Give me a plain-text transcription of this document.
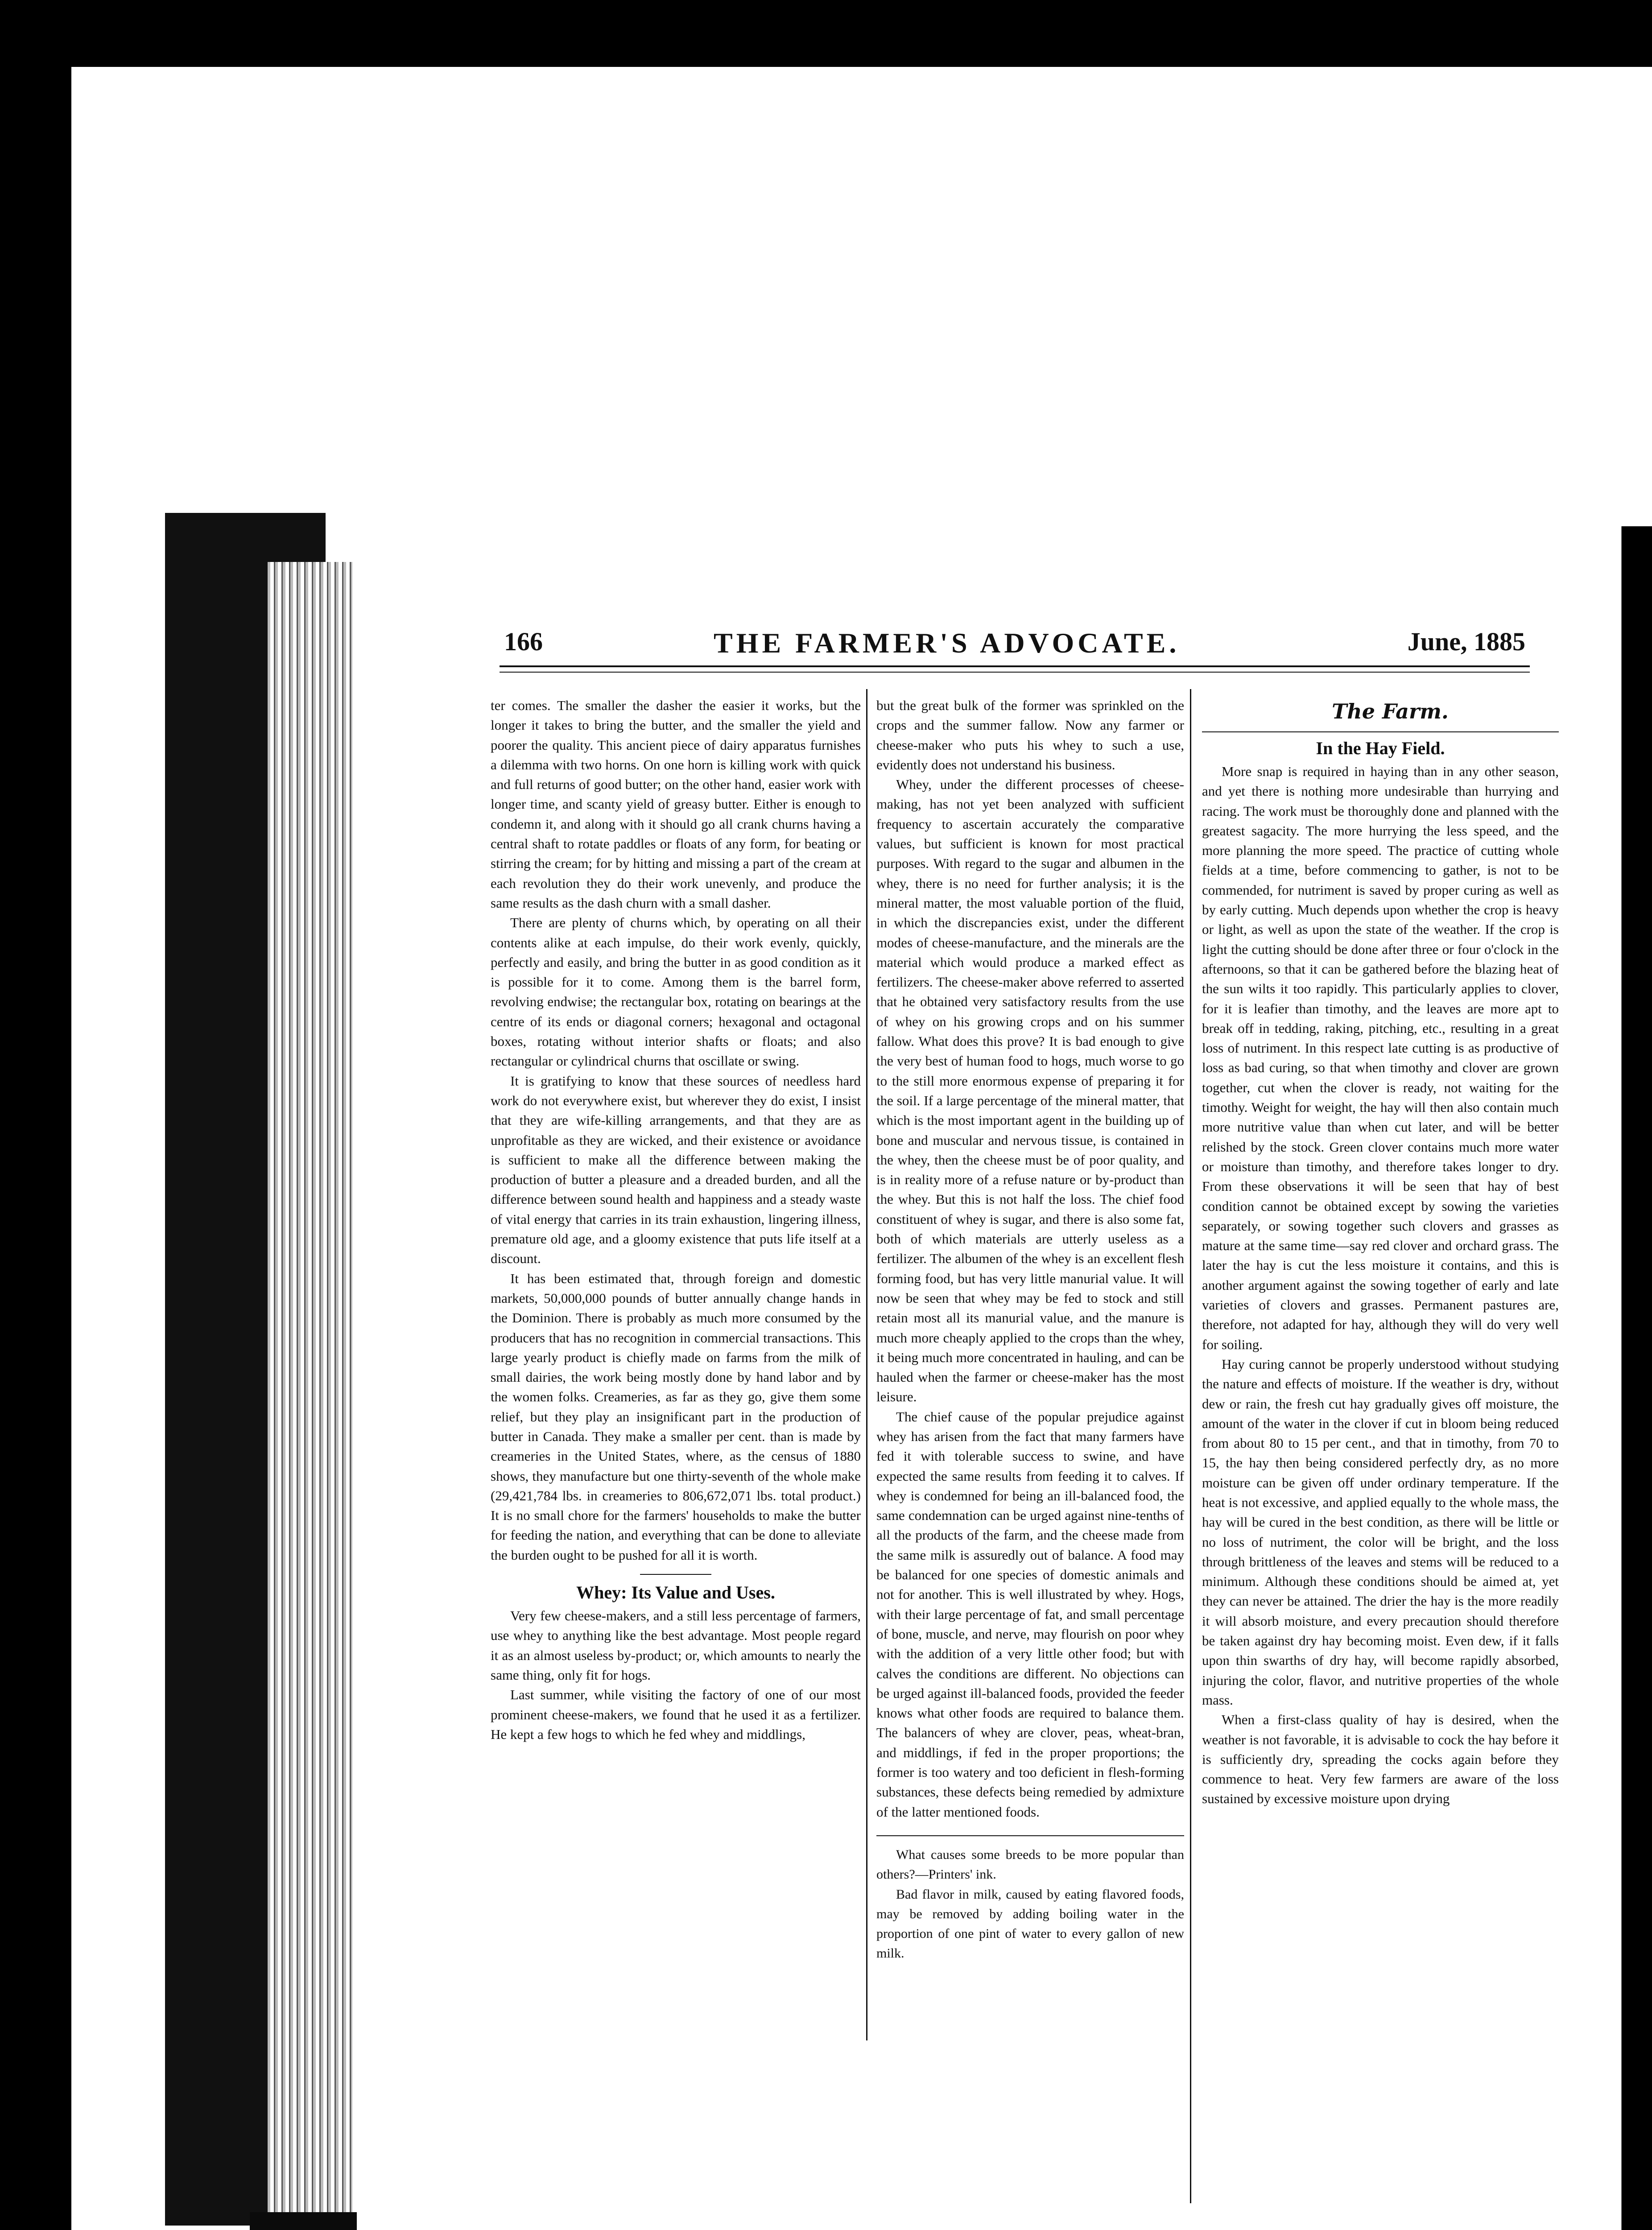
166	THE FARMER'S ADVOCATE.	June, 1885

ter comes. The smaller the dasher the easier it works, but the longer it takes to bring the butter, and the smaller the yield and poorer the quality. This ancient piece of dairy apparatus furnishes a dilemma with two horns. On one horn is killing work with quick and full returns of good butter; on the other hand, easier work with longer time, and scanty yield of greasy butter. Either is enough to condemn it, and along with it should go all crank churns having a central shaft to rotate paddles or floats of any form, for beating or stirring the cream; for by hitting and missing a part of the cream at each revolution they do their work unevenly, and produce the same results as the dash churn with a small dasher.

There are plenty of churns which, by operating on all their contents alike at each impulse, do their work evenly, quickly, perfectly and easily, and bring the butter in as good condition as it is possible for it to come. Among them is the barrel form, revolving endwise; the rectangular box, rotating on bearings at the centre of its ends or diagonal corners; hexagonal and octagonal boxes, rotating without interior shafts or floats; and also rectangular or cylindrical churns that oscillate or swing.

It is gratifying to know that these sources of needless hard work do not everywhere exist, but wherever they do exist, I insist that they are wife-killing arrangements, and that they are as unprofitable as they are wicked, and their existence or avoidance is sufficient to make all the difference between making the production of butter a pleasure and a dreaded burden, and all the difference between sound health and happiness and a steady waste of vital energy that carries in its train exhaustion, lingering illness, premature old age, and a gloomy existence that puts life itself at a discount.

It has been estimated that, through foreign and domestic markets, 50,000,000 pounds of butter annually change hands in the Dominion. There is probably as much more consumed by the producers that has no recognition in commercial transactions. This large yearly product is chiefly made on farms from the milk of small dairies, the work being mostly done by hand labor and by the women folks. Creameries, as far as they go, give them some relief, but they play an insignificant part in the production of butter in Canada. They make a smaller per cent. than is made by creameries in the United States, where, as the census of 1880 shows, they manufacture but one thirty-seventh of the whole make (29,421,784 lbs. in creameries to 806,672,071 lbs. total product.) It is no small chore for the farmers' households to make the butter for feeding the nation, and everything that can be done to alleviate the burden ought to be pushed for all it is worth.

Whey: Its Value and Uses.

Very few cheese-makers, and a still less percentage of farmers, use whey to anything like the best advantage. Most people regard it as an almost useless by-product; or, which amounts to nearly the same thing, only fit for hogs.

Last summer, while visiting the factory of one of our most prominent cheese-makers, we found that he used it as a fertilizer. He kept a few hogs to which he fed whey and middlings,

but the great bulk of the former was sprinkled on the crops and the summer fallow. Now any farmer or cheese-maker who puts his whey to such a use, evidently does not understand his business.

Whey, under the different processes of cheese-making, has not yet been analyzed with sufficient frequency to ascertain accurately the comparative values, but sufficient is known for most practical purposes. With regard to the sugar and albumen in the whey, there is no need for further analysis; it is the mineral matter, the most valuable portion of the fluid, in which the discrepancies exist, under the different modes of cheese-manufacture, and the minerals are the material which would produce a marked effect as fertilizers. The cheese-maker above referred to asserted that he obtained very satisfactory results from the use of whey on his growing crops and on his summer fallow. What does this prove? It is bad enough to give the very best of human food to hogs, much worse to go to the still more enormous expense of preparing it for the soil. If a large percentage of the mineral matter, that which is the most important agent in the building up of bone and muscular and nervous tissue, is contained in the whey, then the cheese must be of poor quality, and is in reality more of a refuse nature or by-product than the whey. But this is not half the loss. The chief food constituent of whey is sugar, and there is also some fat, both of which materials are utterly useless as a fertilizer. The albumen of the whey is an excellent flesh forming food, but has very little manurial value. It will now be seen that whey may be fed to stock and still retain most all its manurial value, and the manure is much more cheaply applied to the crops than the whey, it being much more concentrated in hauling, and can be hauled when the farmer or cheese-maker has the most leisure.

The chief cause of the popular prejudice against whey has arisen from the fact that many farmers have fed it with tolerable success to swine, and have expected the same results from feeding it to calves. If whey is condemned for being an ill-balanced food, the same condemnation can be urged against nine-tenths of all the products of the farm, and the cheese made from the same milk is assuredly out of balance. A food may be balanced for one species of domestic animals and not for another. This is well illustrated by whey. Hogs, with their large percentage of fat, and small percentage of bone, muscle, and nerve, may flourish on poor whey with the addition of a very little other food; but with calves the conditions are different. No objections can be urged against ill-balanced foods, provided the feeder knows what other foods are required to balance them. The balancers of whey are clover, peas, wheat-bran, and middlings, if fed in the proper proportions; the former is too watery and too deficient in flesh-forming substances, these defects being remedied by admixture of the latter mentioned foods.

What causes some breeds to be more popular than others?—Printers' ink.

Bad flavor in milk, caused by eating flavored foods, may be removed by adding boiling water in the proportion of one pint of water to every gallon of new milk.

The Farm.

In the Hay Field.

More snap is required in haying than in any other season, and yet there is nothing more undesirable than hurrying and racing. The work must be thoroughly done and planned with the greatest sagacity. The more hurrying the less speed, and the more planning the more speed. The practice of cutting whole fields at a time, before commencing to gather, is not to be commended, for nutriment is saved by proper curing as well as by early cutting. Much depends upon whether the crop is heavy or light, as well as upon the state of the weather. If the crop is light the cutting should be done after three or four o'clock in the afternoons, so that it can be gathered before the blazing heat of the sun wilts it too rapidly. This particularly applies to clover, for it is leafier than timothy, and the leaves are more apt to break off in tedding, raking, pitching, etc., resulting in a great loss of nutriment. In this respect late cutting is as productive of loss as bad curing, so that when timothy and clover are grown together, cut when the clover is ready, not waiting for the timothy. Weight for weight, the hay will then also contain much more nutritive value than when cut later, and will be better relished by the stock. Green clover contains much more water or moisture than timothy, and therefore takes longer to dry. From these observations it will be seen that hay of best condition cannot be obtained except by sowing the varieties separately, or sowing together such clovers and grasses as mature at the same time—say red clover and orchard grass. The later the hay is cut the less moisture it contains, and this is another argument against the sowing together of early and late varieties of clovers and grasses. Permanent pastures are, therefore, not adapted for hay, although they will do very well for soiling.

Hay curing cannot be properly understood without studying the nature and effects of moisture. If the weather is dry, without dew or rain, the fresh cut hay gradually gives off moisture, the amount of the water in the clover if cut in bloom being reduced from about 80 to 15 per cent., and that in timothy, from 70 to 15, the hay then being considered perfectly dry, as no more moisture can be given off under ordinary temperature. If the heat is not excessive, and applied equally to the whole mass, the hay will be cured in the best condition, as there will be little or no loss of nutriment, the color will be bright, and the loss through brittleness of the leaves and stems will be reduced to a minimum. Although these conditions should be aimed at, yet they can never be attained. The drier the hay is the more readily it will absorb moisture, and every precaution should therefore be taken against dry hay becoming moist. Even dew, if it falls upon thin swarths of dry hay, will become rapidly absorbed, injuring the color, flavor, and nutritive properties of the whole mass.

When a first-class quality of hay is desired, when the weather is not favorable, it is advisable to cock the hay before it is sufficiently dry, spreading the cocks again before they commence to heat. Very few farmers are aware of the loss sustained by excessive moisture upon drying
